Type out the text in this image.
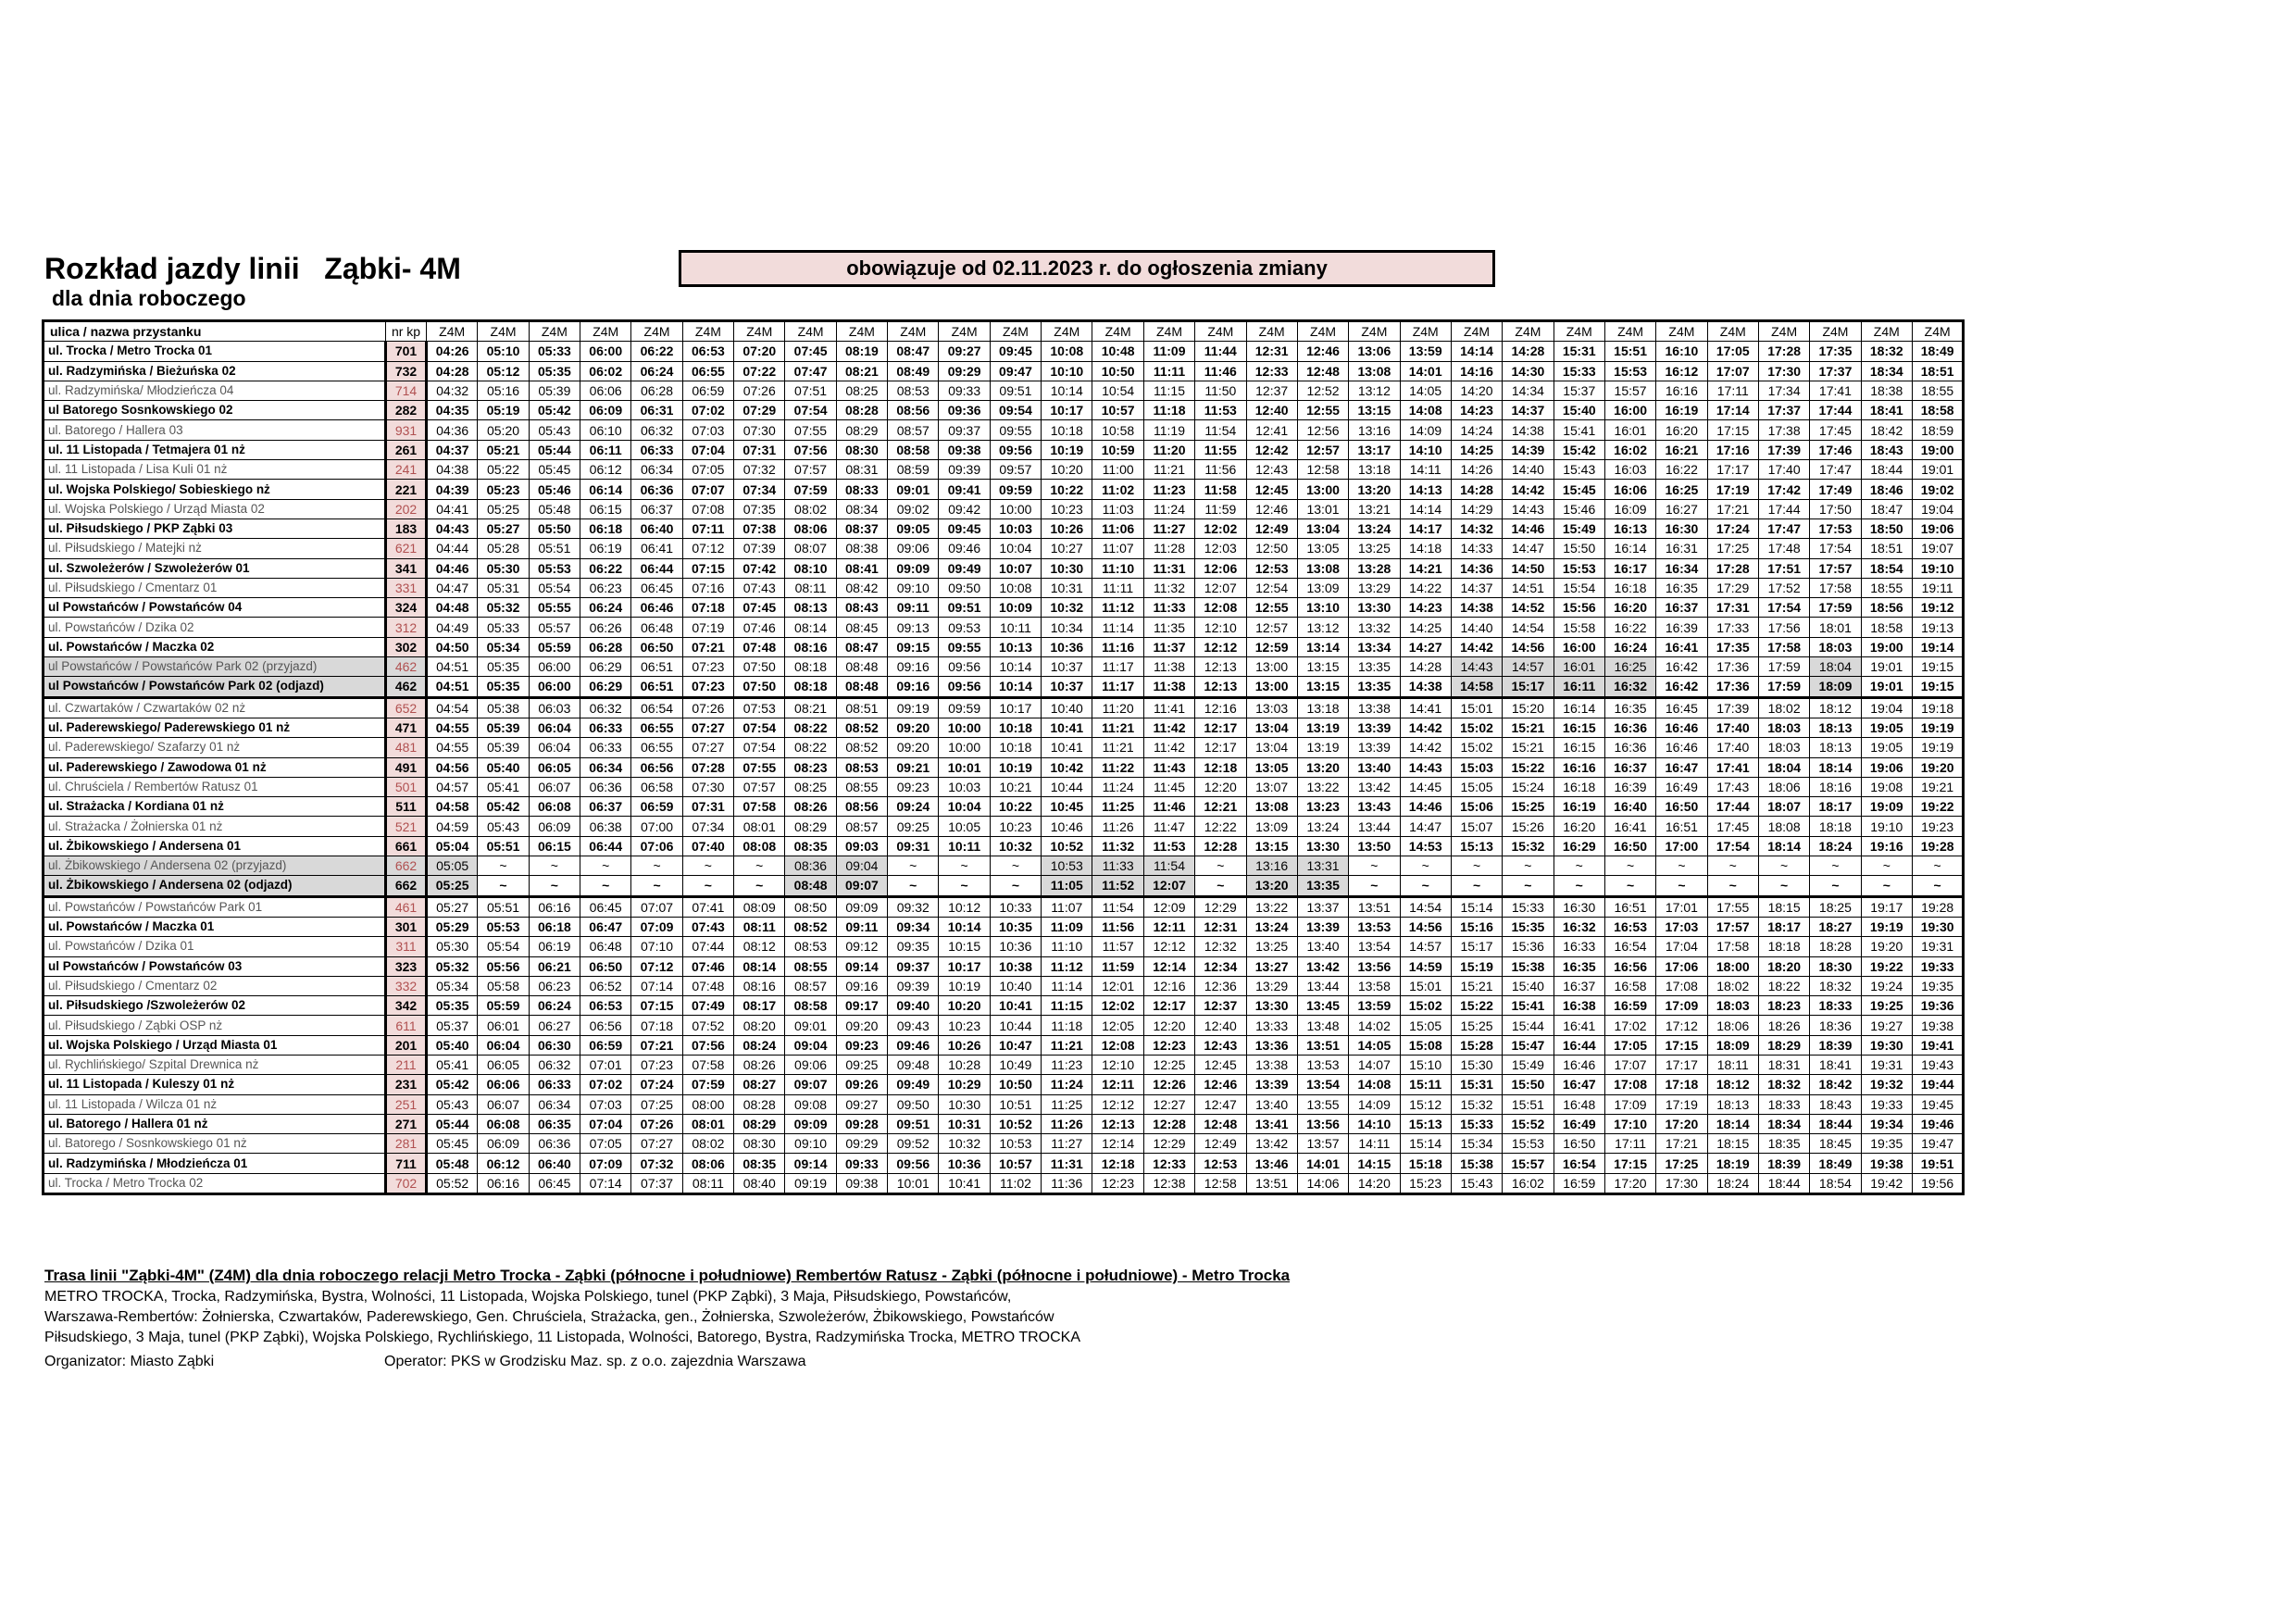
Rozkład jazdy linii   Ząbki- 4M
dla dnia roboczego
obowiązuje od 02.11.2023 r. do ogłoszenia zmiany
ulica / nazwa przystanku	nr kp	Z4M	Z4M	Z4M	Z4M	Z4M	Z4M	Z4M	Z4M	Z4M	Z4M	Z4M	Z4M	Z4M	Z4M	Z4M	Z4M	Z4M	Z4M	Z4M	Z4M	Z4M	Z4M	Z4M	Z4M	Z4M	Z4M	Z4M	Z4M	Z4M	Z4M
ul. Trocka / Metro Trocka 01	701	04:26	05:10	05:33	06:00	06:22	06:53	07:20	07:45	08:19	08:47	09:27	09:45	10:08	10:48	11:09	11:44	12:31	12:46	13:06	13:59	14:14	14:28	15:31	15:51	16:10	17:05	17:28	17:35	18:32	18:49
ul. Radzymińska / Bieżuńska 02	732	04:28	05:12	05:35	06:02	06:24	06:55	07:22	07:47	08:21	08:49	09:29	09:47	10:10	10:50	11:11	11:46	12:33	12:48	13:08	14:01	14:16	14:30	15:33	15:53	16:12	17:07	17:30	17:37	18:34	18:51
ul. Radzymińska/ Młodzieńcza 04	714	04:32	05:16	05:39	06:06	06:28	06:59	07:26	07:51	08:25	08:53	09:33	09:51	10:14	10:54	11:15	11:50	12:37	12:52	13:12	14:05	14:20	14:34	15:37	15:57	16:16	17:11	17:34	17:41	18:38	18:55
ul Batorego Sosnkowskiego 02	282	04:35	05:19	05:42	06:09	06:31	07:02	07:29	07:54	08:28	08:56	09:36	09:54	10:17	10:57	11:18	11:53	12:40	12:55	13:15	14:08	14:23	14:37	15:40	16:00	16:19	17:14	17:37	17:44	18:41	18:58
ul. Batorego / Hallera 03	931	04:36	05:20	05:43	06:10	06:32	07:03	07:30	07:55	08:29	08:57	09:37	09:55	10:18	10:58	11:19	11:54	12:41	12:56	13:16	14:09	14:24	14:38	15:41	16:01	16:20	17:15	17:38	17:45	18:42	18:59
ul. 11 Listopada / Tetmajera 01 nż	261	04:37	05:21	05:44	06:11	06:33	07:04	07:31	07:56	08:30	08:58	09:38	09:56	10:19	10:59	11:20	11:55	12:42	12:57	13:17	14:10	14:25	14:39	15:42	16:02	16:21	17:16	17:39	17:46	18:43	19:00
ul. 11 Listopada / Lisa Kuli 01 nż	241	04:38	05:22	05:45	06:12	06:34	07:05	07:32	07:57	08:31	08:59	09:39	09:57	10:20	11:00	11:21	11:56	12:43	12:58	13:18	14:11	14:26	14:40	15:43	16:03	16:22	17:17	17:40	17:47	18:44	19:01
ul. Wojska Polskiego/ Sobieskiego nż	221	04:39	05:23	05:46	06:14	06:36	07:07	07:34	07:59	08:33	09:01	09:41	09:59	10:22	11:02	11:23	11:58	12:45	13:00	13:20	14:13	14:28	14:42	15:45	16:06	16:25	17:19	17:42	17:49	18:46	19:02
ul. Wojska Polskiego / Urząd Miasta 02	202	04:41	05:25	05:48	06:15	06:37	07:08	07:35	08:02	08:34	09:02	09:42	10:00	10:23	11:03	11:24	11:59	12:46	13:01	13:21	14:14	14:29	14:43	15:46	16:09	16:27	17:21	17:44	17:50	18:47	19:04
ul. Piłsudskiego / PKP Ząbki 03	183	04:43	05:27	05:50	06:18	06:40	07:11	07:38	08:06	08:37	09:05	09:45	10:03	10:26	11:06	11:27	12:02	12:49	13:04	13:24	14:17	14:32	14:46	15:49	16:13	16:30	17:24	17:47	17:53	18:50	19:06
ul. Piłsudskiego / Matejki nż	621	04:44	05:28	05:51	06:19	06:41	07:12	07:39	08:07	08:38	09:06	09:46	10:04	10:27	11:07	11:28	12:03	12:50	13:05	13:25	14:18	14:33	14:47	15:50	16:14	16:31	17:25	17:48	17:54	18:51	19:07
ul. Szwoleżerów / Szwoleżerów 01	341	04:46	05:30	05:53	06:22	06:44	07:15	07:42	08:10	08:41	09:09	09:49	10:07	10:30	11:10	11:31	12:06	12:53	13:08	13:28	14:21	14:36	14:50	15:53	16:17	16:34	17:28	17:51	17:57	18:54	19:10
ul. Piłsudskiego / Cmentarz 01	331	04:47	05:31	05:54	06:23	06:45	07:16	07:43	08:11	08:42	09:10	09:50	10:08	10:31	11:11	11:32	12:07	12:54	13:09	13:29	14:22	14:37	14:51	15:54	16:18	16:35	17:29	17:52	17:58	18:55	19:11
ul Powstańców / Powstańców 04	324	04:48	05:32	05:55	06:24	06:46	07:18	07:45	08:13	08:43	09:11	09:51	10:09	10:32	11:12	11:33	12:08	12:55	13:10	13:30	14:23	14:38	14:52	15:56	16:20	16:37	17:31	17:54	17:59	18:56	19:12
ul. Powstańców / Dzika 02	312	04:49	05:33	05:57	06:26	06:48	07:19	07:46	08:14	08:45	09:13	09:53	10:11	10:34	11:14	11:35	12:10	12:57	13:12	13:32	14:25	14:40	14:54	15:58	16:22	16:39	17:33	17:56	18:01	18:58	19:13
ul. Powstańców / Maczka 02	302	04:50	05:34	05:59	06:28	06:50	07:21	07:48	08:16	08:47	09:15	09:55	10:13	10:36	11:16	11:37	12:12	12:59	13:14	13:34	14:27	14:42	14:56	16:00	16:24	16:41	17:35	17:58	18:03	19:00	19:14
ul Powstańców / Powstańców Park 02 (przyjazd)	462	04:51	05:35	06:00	06:29	06:51	07:23	07:50	08:18	08:48	09:16	09:56	10:14	10:37	11:17	11:38	12:13	13:00	13:15	13:35	14:28	14:43	14:57	16:01	16:25	16:42	17:36	17:59	18:04	19:01	19:15
ul Powstańców / Powstańców Park 02 (odjazd)	462	04:51	05:35	06:00	06:29	06:51	07:23	07:50	08:18	08:48	09:16	09:56	10:14	10:37	11:17	11:38	12:13	13:00	13:15	13:35	14:38	14:58	15:17	16:11	16:32	16:42	17:36	17:59	18:09	19:01	19:15
ul. Czwartaków / Czwartaków 02 nż	652	04:54	05:38	06:03	06:32	06:54	07:26	07:53	08:21	08:51	09:19	09:59	10:17	10:40	11:20	11:41	12:16	13:03	13:18	13:38	14:41	15:01	15:20	16:14	16:35	16:45	17:39	18:02	18:12	19:04	19:18
ul. Paderewskiego/ Paderewskiego 01 nż	471	04:55	05:39	06:04	06:33	06:55	07:27	07:54	08:22	08:52	09:20	10:00	10:18	10:41	11:21	11:42	12:17	13:04	13:19	13:39	14:42	15:02	15:21	16:15	16:36	16:46	17:40	18:03	18:13	19:05	19:19
ul. Paderewskiego/ Szafarzy 01 nż	481	04:55	05:39	06:04	06:33	06:55	07:27	07:54	08:22	08:52	09:20	10:00	10:18	10:41	11:21	11:42	12:17	13:04	13:19	13:39	14:42	15:02	15:21	16:15	16:36	16:46	17:40	18:03	18:13	19:05	19:19
ul. Paderewskiego / Zawodowa 01 nż	491	04:56	05:40	06:05	06:34	06:56	07:28	07:55	08:23	08:53	09:21	10:01	10:19	10:42	11:22	11:43	12:18	13:05	13:20	13:40	14:43	15:03	15:22	16:16	16:37	16:47	17:41	18:04	18:14	19:06	19:20
ul. Chruściela / Rembertów Ratusz 01	501	04:57	05:41	06:07	06:36	06:58	07:30	07:57	08:25	08:55	09:23	10:03	10:21	10:44	11:24	11:45	12:20	13:07	13:22	13:42	14:45	15:05	15:24	16:18	16:39	16:49	17:43	18:06	18:16	19:08	19:21
ul. Strażacka / Kordiana 01 nż	511	04:58	05:42	06:08	06:37	06:59	07:31	07:58	08:26	08:56	09:24	10:04	10:22	10:45	11:25	11:46	12:21	13:08	13:23	13:43	14:46	15:06	15:25	16:19	16:40	16:50	17:44	18:07	18:17	19:09	19:22
ul. Strażacka / Żołnierska 01 nż	521	04:59	05:43	06:09	06:38	07:00	07:34	08:01	08:29	08:57	09:25	10:05	10:23	10:46	11:26	11:47	12:22	13:09	13:24	13:44	14:47	15:07	15:26	16:20	16:41	16:51	17:45	18:08	18:18	19:10	19:23
ul. Żbikowskiego / Andersena 01	661	05:04	05:51	06:15	06:44	07:06	07:40	08:08	08:35	09:03	09:31	10:11	10:32	10:52	11:32	11:53	12:28	13:15	13:30	13:50	14:53	15:13	15:32	16:29	16:50	17:00	17:54	18:14	18:24	19:16	19:28
ul. Żbikowskiego / Andersena 02 (przyjazd)	662	05:05	~	~	~	~	~	~	08:36	09:04	~	~	~	10:53	11:33	11:54	~	13:16	13:31	~	~	~	~	~	~	~	~	~	~	~	~
ul. Żbikowskiego / Andersena 02 (odjazd)	662	05:25	~	~	~	~	~	~	08:48	09:07	~	~	~	11:05	11:52	12:07	~	13:20	13:35	~	~	~	~	~	~	~	~	~	~	~	~
ul. Powstańców / Powstańców Park 01	461	05:27	05:51	06:16	06:45	07:07	07:41	08:09	08:50	09:09	09:32	10:12	10:33	11:07	11:54	12:09	12:29	13:22	13:37	13:51	14:54	15:14	15:33	16:30	16:51	17:01	17:55	18:15	18:25	19:17	19:28
ul. Powstańców / Maczka 01	301	05:29	05:53	06:18	06:47	07:09	07:43	08:11	08:52	09:11	09:34	10:14	10:35	11:09	11:56	12:11	12:31	13:24	13:39	13:53	14:56	15:16	15:35	16:32	16:53	17:03	17:57	18:17	18:27	19:19	19:30
ul. Powstańców / Dzika 01	311	05:30	05:54	06:19	06:48	07:10	07:44	08:12	08:53	09:12	09:35	10:15	10:36	11:10	11:57	12:12	12:32	13:25	13:40	13:54	14:57	15:17	15:36	16:33	16:54	17:04	17:58	18:18	18:28	19:20	19:31
ul Powstańców / Powstańców 03	323	05:32	05:56	06:21	06:50	07:12	07:46	08:14	08:55	09:14	09:37	10:17	10:38	11:12	11:59	12:14	12:34	13:27	13:42	13:56	14:59	15:19	15:38	16:35	16:56	17:06	18:00	18:20	18:30	19:22	19:33
ul. Piłsudskiego / Cmentarz 02	332	05:34	05:58	06:23	06:52	07:14	07:48	08:16	08:57	09:16	09:39	10:19	10:40	11:14	12:01	12:16	12:36	13:29	13:44	13:58	15:01	15:21	15:40	16:37	16:58	17:08	18:02	18:22	18:32	19:24	19:35
ul. Piłsudskiego /Szwoleżerów 02	342	05:35	05:59	06:24	06:53	07:15	07:49	08:17	08:58	09:17	09:40	10:20	10:41	11:15	12:02	12:17	12:37	13:30	13:45	13:59	15:02	15:22	15:41	16:38	16:59	17:09	18:03	18:23	18:33	19:25	19:36
ul. Piłsudskiego / Ząbki OSP nż	611	05:37	06:01	06:27	06:56	07:18	07:52	08:20	09:01	09:20	09:43	10:23	10:44	11:18	12:05	12:20	12:40	13:33	13:48	14:02	15:05	15:25	15:44	16:41	17:02	17:12	18:06	18:26	18:36	19:27	19:38
ul. Wojska Polskiego / Urząd Miasta 01	201	05:40	06:04	06:30	06:59	07:21	07:56	08:24	09:04	09:23	09:46	10:26	10:47	11:21	12:08	12:23	12:43	13:36	13:51	14:05	15:08	15:28	15:47	16:44	17:05	17:15	18:09	18:29	18:39	19:30	19:41
ul. Rychlińskiego/ Szpital Drewnica nż	211	05:41	06:05	06:32	07:01	07:23	07:58	08:26	09:06	09:25	09:48	10:28	10:49	11:23	12:10	12:25	12:45	13:38	13:53	14:07	15:10	15:30	15:49	16:46	17:07	17:17	18:11	18:31	18:41	19:31	19:43
ul. 11 Listopada / Kuleszy 01 nż	231	05:42	06:06	06:33	07:02	07:24	07:59	08:27	09:07	09:26	09:49	10:29	10:50	11:24	12:11	12:26	12:46	13:39	13:54	14:08	15:11	15:31	15:50	16:47	17:08	17:18	18:12	18:32	18:42	19:32	19:44
ul. 11 Listopada / Wilcza 01 nż	251	05:43	06:07	06:34	07:03	07:25	08:00	08:28	09:08	09:27	09:50	10:30	10:51	11:25	12:12	12:27	12:47	13:40	13:55	14:09	15:12	15:32	15:51	16:48	17:09	17:19	18:13	18:33	18:43	19:33	19:45
ul. Batorego / Hallera 01 nż	271	05:44	06:08	06:35	07:04	07:26	08:01	08:29	09:09	09:28	09:51	10:31	10:52	11:26	12:13	12:28	12:48	13:41	13:56	14:10	15:13	15:33	15:52	16:49	17:10	17:20	18:14	18:34	18:44	19:34	19:46
ul. Batorego / Sosnkowskiego 01 nż	281	05:45	06:09	06:36	07:05	07:27	08:02	08:30	09:10	09:29	09:52	10:32	10:53	11:27	12:14	12:29	12:49	13:42	13:57	14:11	15:14	15:34	15:53	16:50	17:11	17:21	18:15	18:35	18:45	19:35	19:47
ul. Radzymińska / Młodzieńcza 01	711	05:48	06:12	06:40	07:09	07:32	08:06	08:35	09:14	09:33	09:56	10:36	10:57	11:31	12:18	12:33	12:53	13:46	14:01	14:15	15:18	15:38	15:57	16:54	17:15	17:25	18:19	18:39	18:49	19:38	19:51
ul. Trocka / Metro Trocka 02	702	05:52	06:16	06:45	07:14	07:37	08:11	08:40	09:19	09:38	10:01	10:41	11:02	11:36	12:23	12:38	12:58	13:51	14:06	14:20	15:23	15:43	16:02	16:59	17:20	17:30	18:24	18:44	18:54	19:42	19:56
Trasa linii "Ząbki-4M" (Z4M) dla dnia roboczego relacji Metro Trocka - Ząbki (północne i południowe) Rembertów Ratusz - Ząbki (północne i południowe) - Metro Trocka
METRO TROCKA, Trocka, Radzymińska, Bystra, Wolności, 11 Listopada, Wojska Polskiego, tunel (PKP Ząbki), 3 Maja, Piłsudskiego, Powstańców,
Warszawa-Rembertów: Żołnierska, Czwartaków, Paderewskiego, Gen. Chruściela, Strażacka, gen., Żołnierska, Szwoleżerów, Żbikowskiego, Powstańców
Piłsudskiego, 3 Maja, tunel (PKP Ząbki), Wojska Polskiego, Rychlińskiego, 11 Listopada, Wolności, Batorego, Bystra, Radzymińska Trocka, METRO TROCKA
Organizator: Miasto Ząbki	Operator: PKS w Grodzisku Maz. sp. z o.o. zajezdnia Warszawa
